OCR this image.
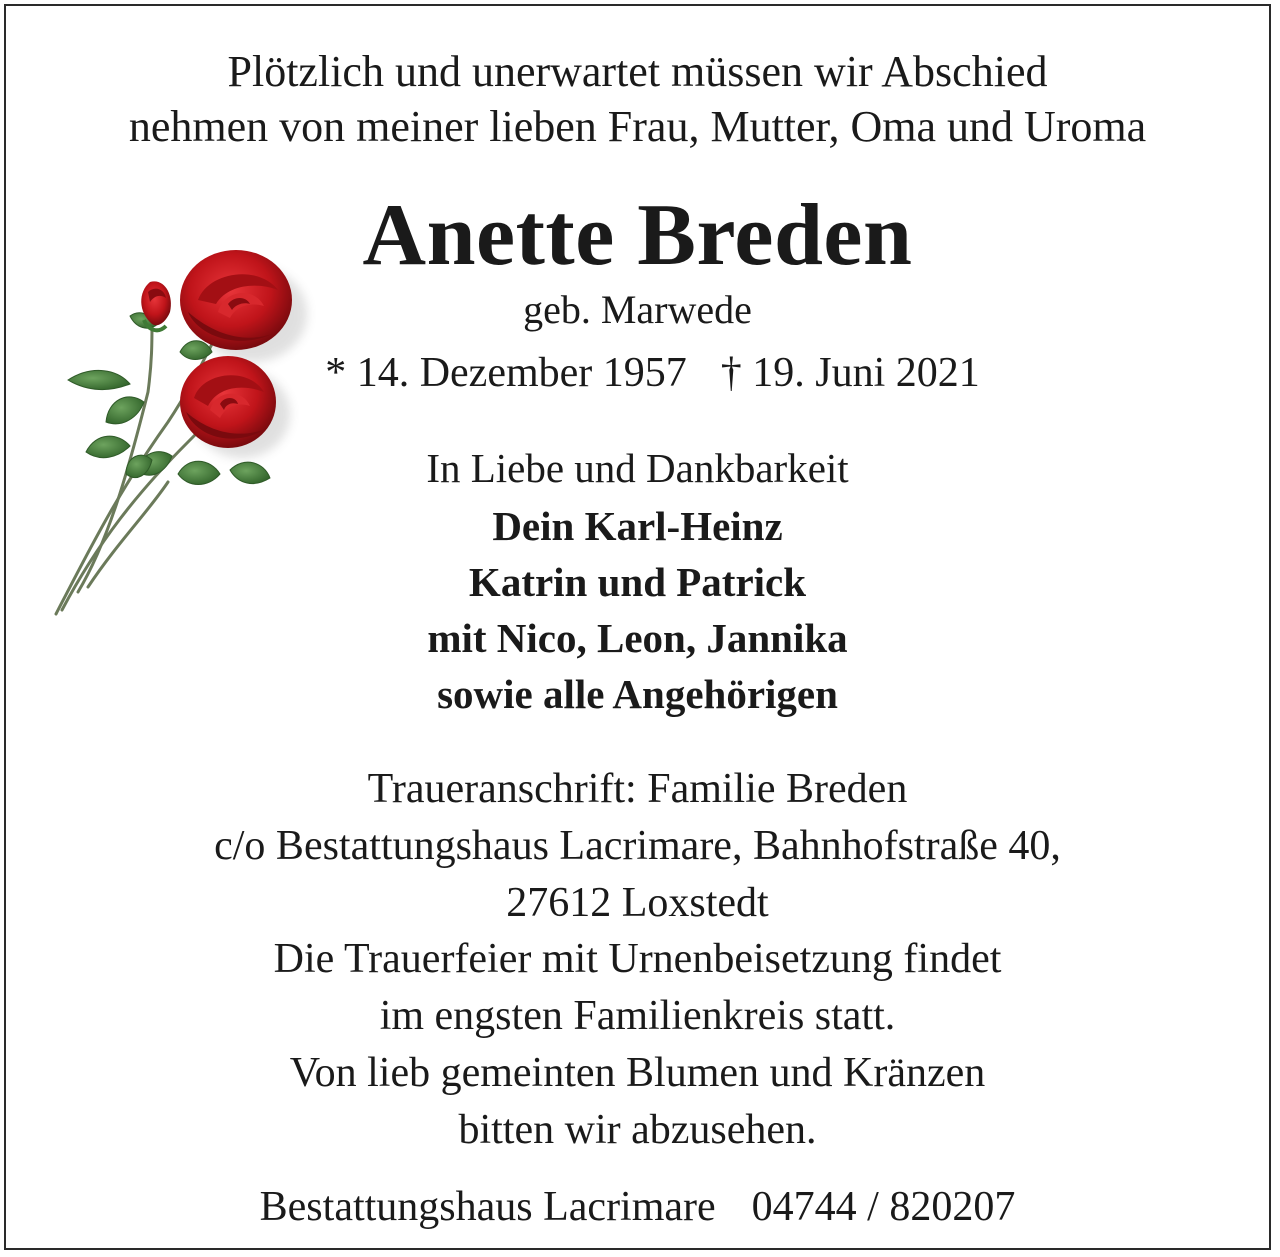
Plötzlich und unerwartet müssen wir Abschied
nehmen von meiner lieben Frau, Mutter, Oma und Uroma
Anette Breden
geb. Marwede
* 14. Dezember 1957 † 19. Juni 2021
In Liebe und Dankbarkeit
Dein Karl-Heinz
Katrin und Patrick
mit Nico, Leon, Jannika
sowie alle Angehörigen
Traueranschrift: Familie Breden
c/o Bestattungshaus Lacrimare, Bahnhofstraße 40,
27612 Loxstedt
Die Trauerfeier mit Urnenbeisetzung findet
im engsten Familienkreis statt.
Von lieb gemeinten Blumen und Kränzen
bitten wir abzusehen.
Bestattungshaus Lacrimare 04744 / 820207
